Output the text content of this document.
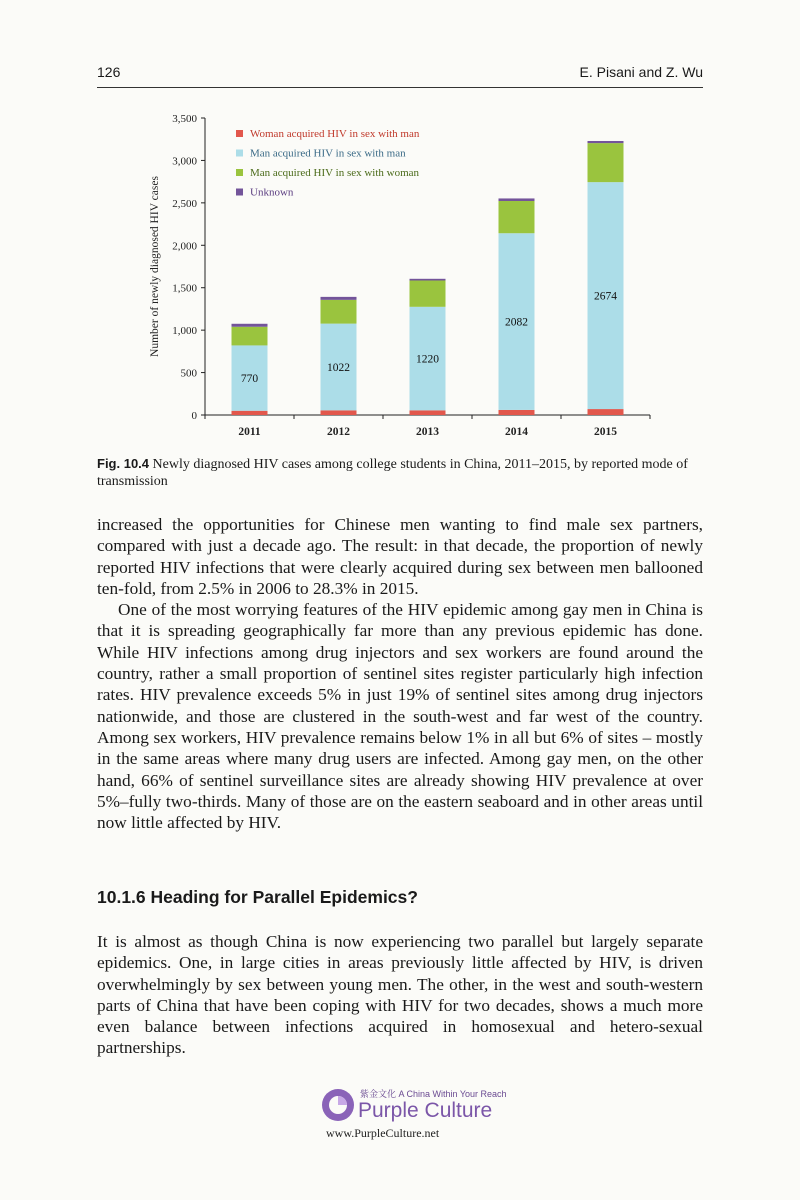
126	E. Pisani and Z. Wu
0
500
1,000
1,500
2,000
2,500
3,000
3,500
Number of newly diagnosed HIV cases
2011
770
2012
1022
2013
1220
2014
2082
2015
2674
Woman acquired HIV in sex with man
Man acquired HIV in sex with man
Man acquired HIV in sex with woman
Unknown
Fig. 10.4 Newly diagnosed HIV cases among college students in China, 2011–2015, by reported mode of transmission

increased the opportunities for Chinese men wanting to find male sex partners, compared with just a decade ago. The result: in that decade, the proportion of newly reported HIV infections that were clearly acquired during sex between men ballooned ten-fold, from 2.5% in 2006 to 28.3% in 2015.

One of the most worrying features of the HIV epidemic among gay men in China is that it is spreading geographically far more than any previous epidemic has done. While HIV infections among drug injectors and sex workers are found around the country, rather a small proportion of sentinel sites register particularly high infection rates. HIV prevalence exceeds 5% in just 19% of sentinel sites among drug injectors nationwide, and those are clustered in the south-west and far west of the country. Among sex workers, HIV prevalence remains below 1% in all but 6% of sites – mostly in the same areas where many drug users are infected. Among gay men, on the other hand, 66% of sentinel surveillance sites are already showing HIV prevalence at over 5%–fully two-thirds. Many of those are on the eastern seaboard and in other areas until now little affected by HIV.

10.1.6 Heading for Parallel Epidemics?

It is almost as though China is now experiencing two parallel but largely separate epidemics. One, in large cities in areas previously little affected by HIV, is driven overwhelmingly by sex between young men. The other, in the west and south-western parts of China that have been coping with HIV for two decades, shows a much more even balance between infections acquired in homosexual and hetero-sexual partnerships.

紫金文化 A China Within Your Reach
Purple Culture
www.PurpleCulture.net
